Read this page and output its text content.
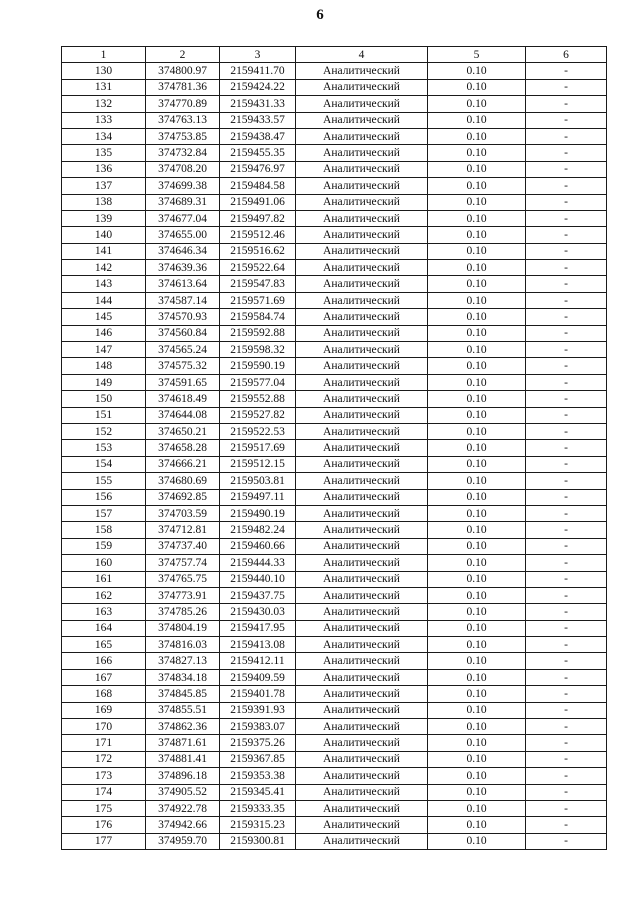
6
1	2	3	4	5	6
130	374800.97	2159411.70	Аналитический	0.10	-
131	374781.36	2159424.22	Аналитический	0.10	-
132	374770.89	2159431.33	Аналитический	0.10	-
133	374763.13	2159433.57	Аналитический	0.10	-
134	374753.85	2159438.47	Аналитический	0.10	-
135	374732.84	2159455.35	Аналитический	0.10	-
136	374708.20	2159476.97	Аналитический	0.10	-
137	374699.38	2159484.58	Аналитический	0.10	-
138	374689.31	2159491.06	Аналитический	0.10	-
139	374677.04	2159497.82	Аналитический	0.10	-
140	374655.00	2159512.46	Аналитический	0.10	-
141	374646.34	2159516.62	Аналитический	0.10	-
142	374639.36	2159522.64	Аналитический	0.10	-
143	374613.64	2159547.83	Аналитический	0.10	-
144	374587.14	2159571.69	Аналитический	0.10	-
145	374570.93	2159584.74	Аналитический	0.10	-
146	374560.84	2159592.88	Аналитический	0.10	-
147	374565.24	2159598.32	Аналитический	0.10	-
148	374575.32	2159590.19	Аналитический	0.10	-
149	374591.65	2159577.04	Аналитический	0.10	-
150	374618.49	2159552.88	Аналитический	0.10	-
151	374644.08	2159527.82	Аналитический	0.10	-
152	374650.21	2159522.53	Аналитический	0.10	-
153	374658.28	2159517.69	Аналитический	0.10	-
154	374666.21	2159512.15	Аналитический	0.10	-
155	374680.69	2159503.81	Аналитический	0.10	-
156	374692.85	2159497.11	Аналитический	0.10	-
157	374703.59	2159490.19	Аналитический	0.10	-
158	374712.81	2159482.24	Аналитический	0.10	-
159	374737.40	2159460.66	Аналитический	0.10	-
160	374757.74	2159444.33	Аналитический	0.10	-
161	374765.75	2159440.10	Аналитический	0.10	-
162	374773.91	2159437.75	Аналитический	0.10	-
163	374785.26	2159430.03	Аналитический	0.10	-
164	374804.19	2159417.95	Аналитический	0.10	-
165	374816.03	2159413.08	Аналитический	0.10	-
166	374827.13	2159412.11	Аналитический	0.10	-
167	374834.18	2159409.59	Аналитический	0.10	-
168	374845.85	2159401.78	Аналитический	0.10	-
169	374855.51	2159391.93	Аналитический	0.10	-
170	374862.36	2159383.07	Аналитический	0.10	-
171	374871.61	2159375.26	Аналитический	0.10	-
172	374881.41	2159367.85	Аналитический	0.10	-
173	374896.18	2159353.38	Аналитический	0.10	-
174	374905.52	2159345.41	Аналитический	0.10	-
175	374922.78	2159333.35	Аналитический	0.10	-
176	374942.66	2159315.23	Аналитический	0.10	-
177	374959.70	2159300.81	Аналитический	0.10	-
